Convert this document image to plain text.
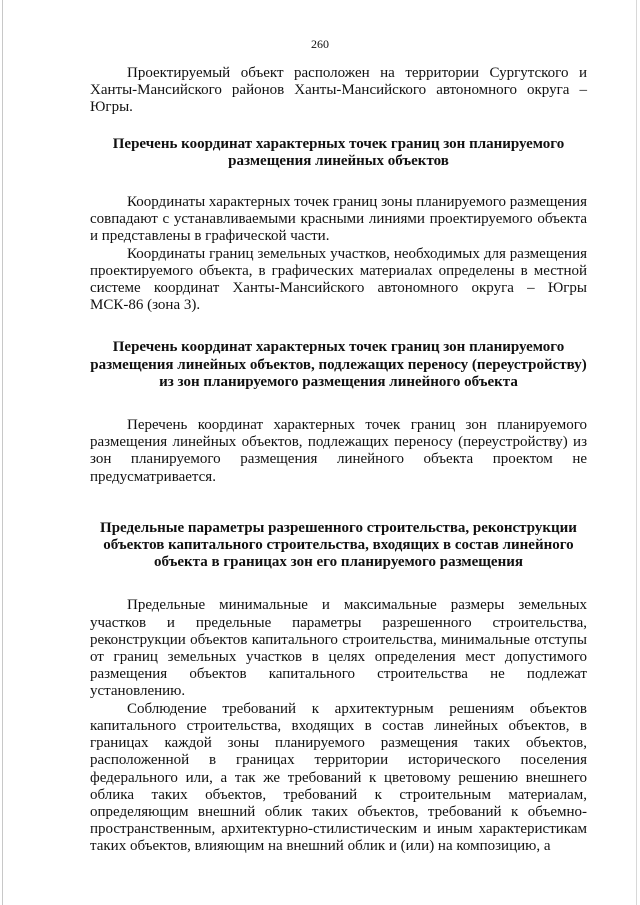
260

Проектируемый объект расположен на территории Сургутского и Ханты-Мансийского районов Ханты-Мансийского автономного округа – Югры.

Перечень координат характерных точек границ зон планируемого размещения линейных объектов

Координаты характерных точек границ зоны планируемого размещения совпадают с устанавливаемыми красными линиями проектируемого объекта и представлены в графической части.

Координаты границ земельных участков, необходимых для размещения проектируемого объекта, в графических материалах определены в местной системе координат Ханты-Мансийского автономного округа – Югры МСК-86 (зона 3).

Перечень координат характерных точек границ зон планируемого размещения линейных объектов, подлежащих переносу (переустройству) из зон планируемого размещения линейного объекта

Перечень координат характерных точек границ зон планируемого размещения линейных объектов, подлежащих переносу (переустройству) из зон планируемого размещения линейного объекта проектом не предусматривается.

Предельные параметры разрешенного строительства, реконструкции объектов капитального строительства, входящих в состав линейного объекта в границах зон его планируемого размещения

Предельные минимальные и максимальные размеры земельных участков и предельные параметры разрешенного строительства, реконструкции объектов капитального строительства, минимальные отступы от границ земельных участков в целях определения мест допустимого размещения объектов капитального строительства не подлежат установлению.

Соблюдение требований к архитектурным решениям объектов капитального строительства, входящих в состав линейных объектов, в границах каждой зоны планируемого размещения таких объектов, расположенной в границах территории исторического поселения федерального или, а так же требований к цветовому решению внешнего облика таких объектов, требований к строительным материалам, определяющим внешний облик таких объектов, требований к объемно-пространственным, архитектурно-стилистическим и иным характеристикам таких объектов, влияющим на внешний облик и (или) на композицию, а
